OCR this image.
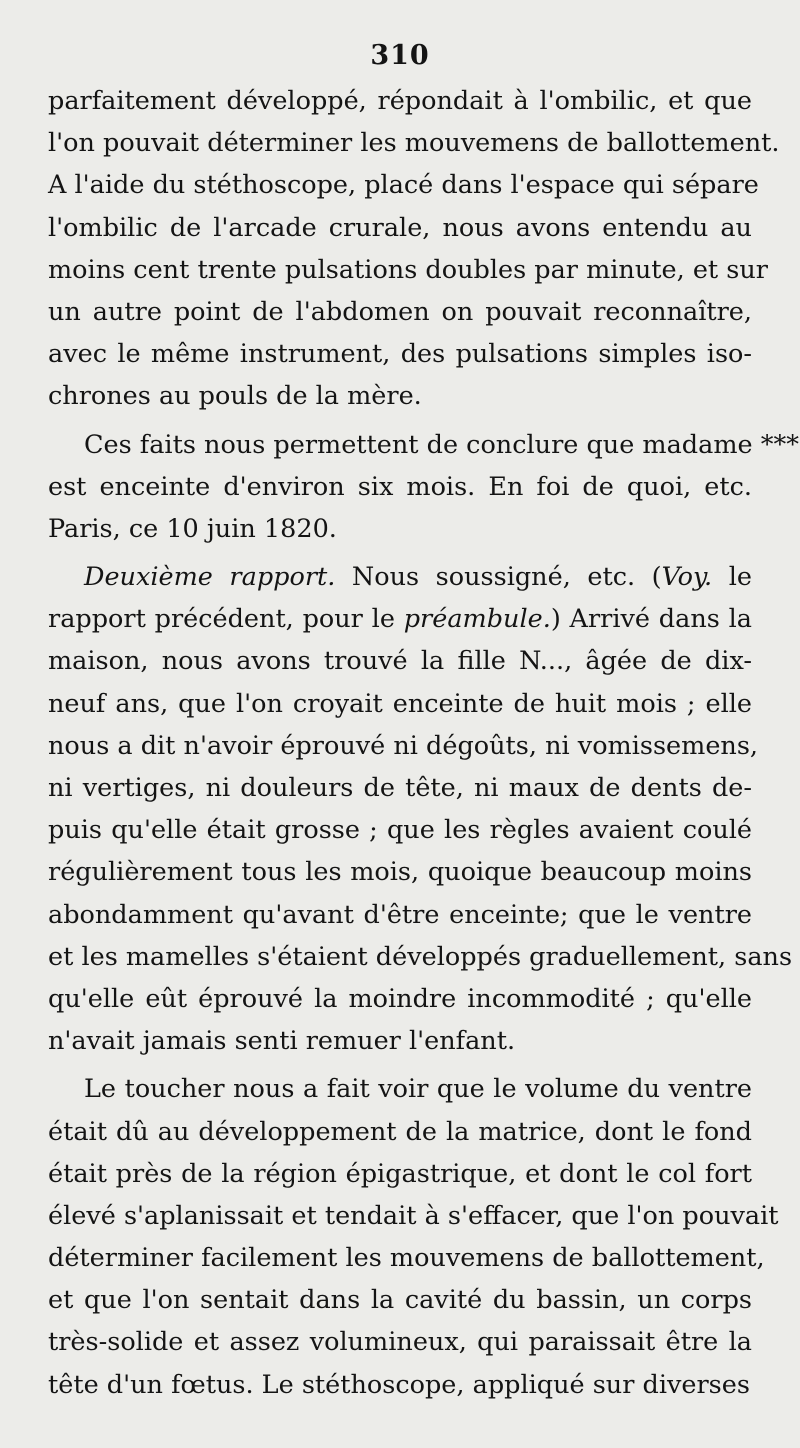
310
parfaitement développé, répondait à l'ombilic, et que
l'on pouvait déterminer les mouvemens de ballottement.
A l'aide du stéthoscope, placé dans l'espace qui sépare
l'ombilic de l'arcade crurale, nous avons entendu au
moins cent trente pulsations doubles par minute, et sur
un autre point de l'abdomen on pouvait reconnaître,
avec le même instrument, des pulsations simples iso-
chrones au pouls de la mère.
Ces faits nous permettent de conclure que madame ***
est enceinte d'environ six mois. En foi de quoi, etc.
Paris, ce 10 juin 1820.
Deuxième rapport. Nous soussigné, etc. (Voy. le
rapport précédent, pour le préambule.) Arrivé dans la
maison, nous avons trouvé la fille N..., âgée de dix-
neuf ans, que l'on croyait enceinte de huit mois ; elle
nous a dit n'avoir éprouvé ni dégoûts, ni vomissemens,
ni vertiges, ni douleurs de tête, ni maux de dents de-
puis qu'elle était grosse ; que les règles avaient coulé
régulièrement tous les mois, quoique beaucoup moins
abondamment qu'avant d'être enceinte; que le ventre
et les mamelles s'étaient développés graduellement, sans
qu'elle eût éprouvé la moindre incommodité ; qu'elle
n'avait jamais senti remuer l'enfant.
Le toucher nous a fait voir que le volume du ventre
était dû au développement de la matrice, dont le fond
était près de la région épigastrique, et dont le col fort
élevé s'aplanissait et tendait à s'effacer, que l'on pouvait
déterminer facilement les mouvemens de ballottement,
et que l'on sentait dans la cavité du bassin, un corps
très-solide et assez volumineux, qui paraissait être la
tête d'un fœtus. Le stéthoscope, appliqué sur diverses
